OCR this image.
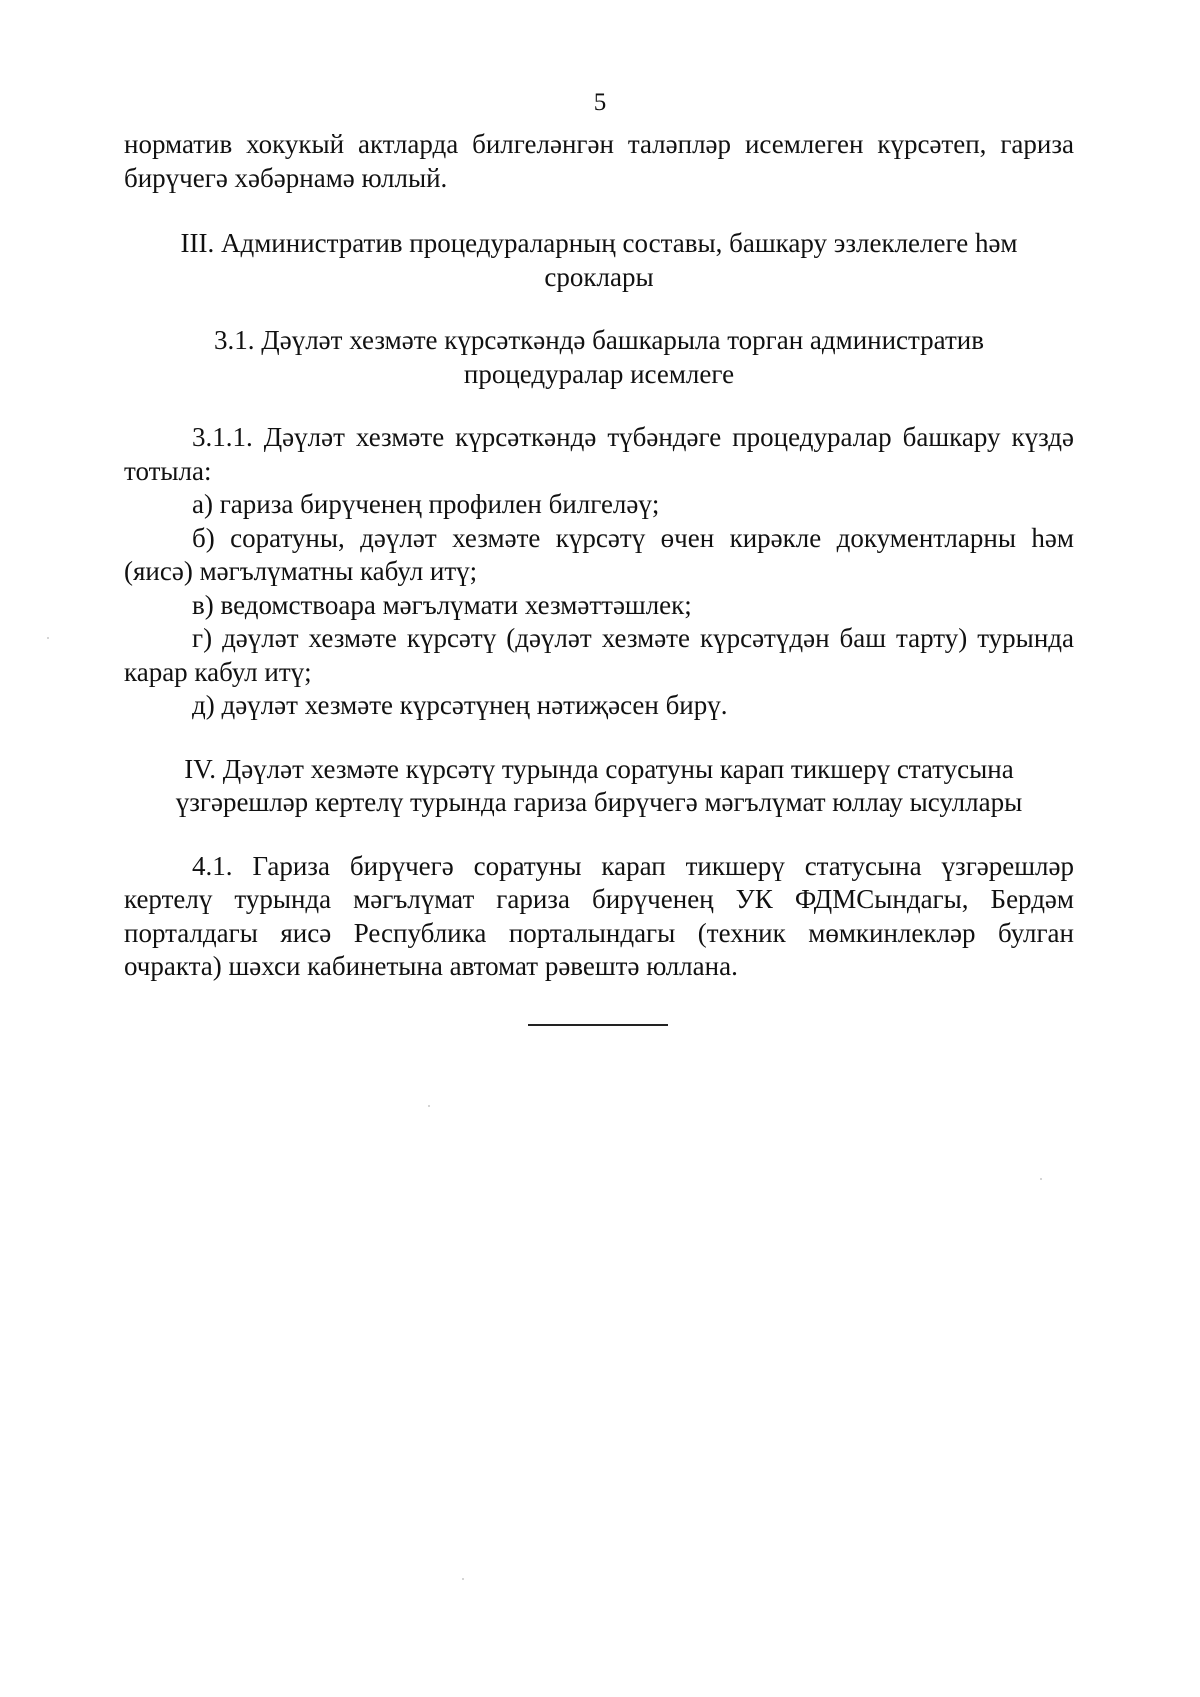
5

норматив хокукый актларда билгеләнгән таләпләр исемлеген күрсәтеп, гариза бирүчегә хәбәрнамә юллый.

III. Административ процедураларның составы, башкару эзлеклелеге һәм
сроклары
3.1. Дәүләт хезмәте күрсәткәндә башкарыла торган административ
процедуралар исемлеге

3.1.1. Дәүләт хезмәте күрсәткәндә түбәндәге процедуралар башкару күздә тотыла:

а) гариза бирүченең профилен билгеләү;

б) соратуны, дәүләт хезмәте күрсәтү өчен кирәкле документларны һәм (яисә) мәгълүматны кабул итү;

в) ведомствоара мәгълүмати хезмәттәшлек;

г) дәүләт хезмәте күрсәтү (дәүләт хезмәте күрсәтүдән баш тарту) турында карар кабул итү;

д) дәүләт хезмәте күрсәтүнең нәтиҗәсен бирү.

IV. Дәүләт хезмәте күрсәтү турында соратуны карап тикшерү статусына
үзгәрешләр кертелү турында гариза бирүчегә мәгълүмат юллау ысуллары

4.1. Гариза бирүчегә соратуны карап тикшерү статусына үзгәрешләр кертелү турында мәгълүмат гариза бирүченең УК ФДМСындагы, Бердәм порталдагы яисә Республика порталындагы (техник мөмкинлекләр булган очракта) шәхси кабинетына автомат рәвештә юллана.
